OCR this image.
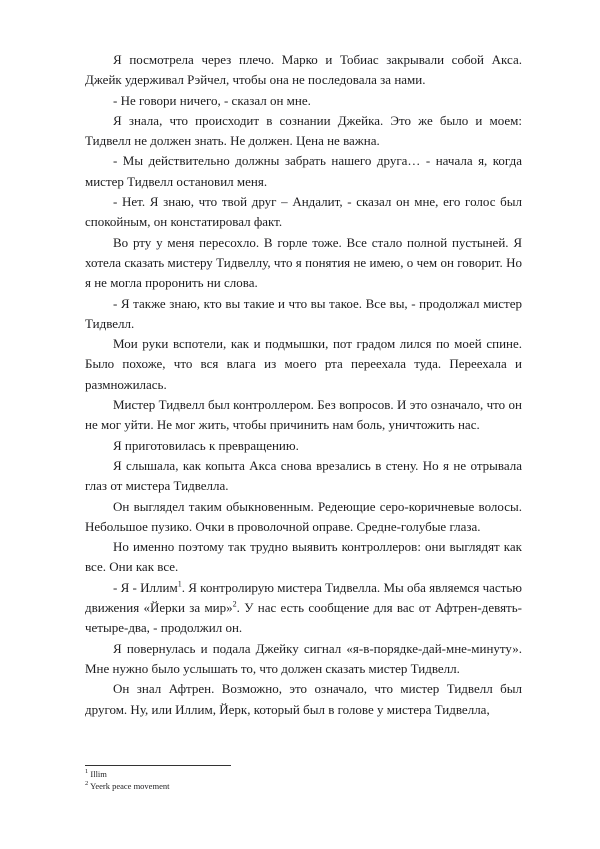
Я посмотрела через плечо. Марко и Тобиас закрывали собой Акса. Джейк удерживал Рэйчел, чтобы она не последовала за нами.

- Не говори ничего, - сказал он мне.

Я знала, что происходит в сознании Джейка. Это же было и моем: Тидвелл не должен знать. Не должен. Цена не важна.

- Мы действительно должны забрать нашего друга… - начала я, когда мистер Тидвелл остановил меня.

- Нет. Я знаю, что твой друг – Андалит, - сказал он мне, его голос был спокойным, он констатировал факт.

Во рту у меня пересохло. В горле тоже. Все стало полной пустыней. Я хотела сказать мистеру Тидвеллу, что я понятия не имею, о чем он говорит. Но я не могла проронить ни слова.

- Я также знаю, кто вы такие и что вы такое. Все вы, - продолжал мистер Тидвелл.

Мои руки вспотели, как и подмышки, пот градом лился по моей спине. Было похоже, что вся влага из моего рта переехала туда. Переехала и размножилась.

Мистер Тидвелл был контроллером. Без вопросов. И это означало, что он не мог уйти. Не мог жить, чтобы причинить нам боль, уничтожить нас.

Я приготовилась к превращению.

Я слышала, как копыта Акса снова врезались в стену. Но я не отрывала глаз от мистера Тидвелла.

Он выглядел таким обыкновенным. Редеющие серо-коричневые волосы. Небольшое пузико. Очки в проволочной оправе. Средне-голубые глаза.

Но именно поэтому так трудно выявить контроллеров: они выглядят как все. Они как все.

- Я - Иллим$^1$. Я контролирую мистера Тидвелла. Мы оба являемся частью движения «Йерки за мир»$^2$. У нас есть сообщение для вас от Афтрен-девять-четыре-два, - продолжил он.

Я повернулась и подала Джейку сигнал «я-в-порядке-дай-мне-минуту». Мне нужно было услышать то, что должен сказать мистер Тидвелл.

Он знал Афтрен. Возможно, это означало, что мистер Тидвелл был другом. Ну, или Иллим, Йерк, который был в голове у мистера Тидвелла,

$^1$ Illim
$^2$ Yeerk peace movement
